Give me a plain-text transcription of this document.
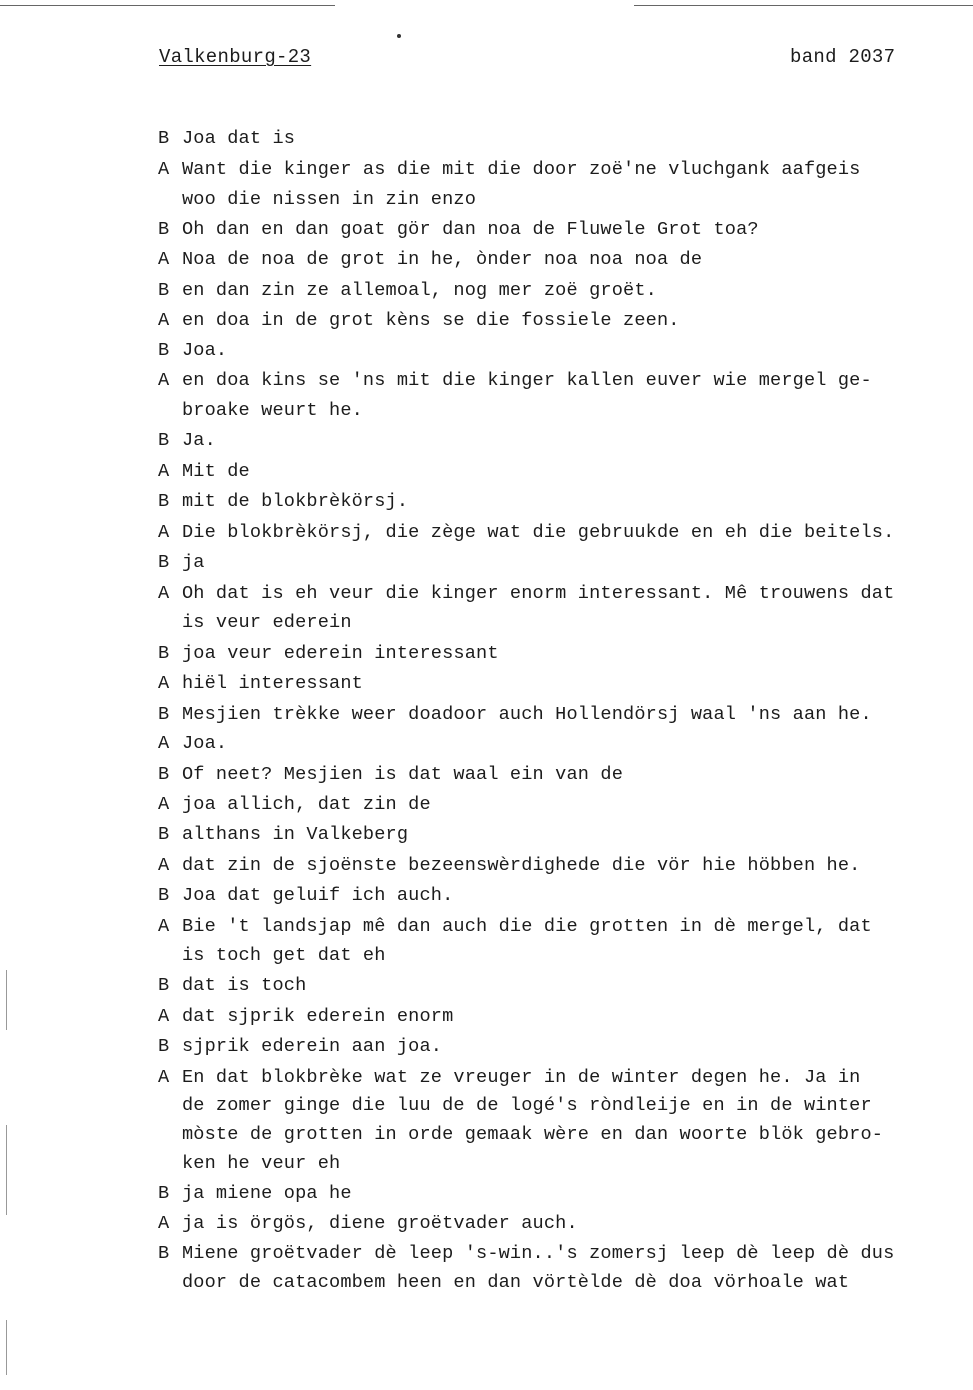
Valkenburg-23	band 2037
B Joa dat is
A Want die kinger as die mit die door zoë'ne vluchgank aafgeis
woo die nissen in zin enzo
B Oh dan en dan goat gör dan noa de Fluwele Grot toa?
A Noa de noa de grot in he, ònder noa noa noa de
B en dan zin ze allemoal, nog mer zoë groët.
A en doa in de grot kèns se die fossiele zeen.
B Joa.
A en doa kins se 'ns mit die kinger kallen euver wie mergel ge-
broake weurt he.
B Ja.
A Mit de
B mit de blokbrèkörsj.
A Die blokbrèkörsj, die zège wat die gebruukde en eh die beitels.
B ja
A Oh dat is eh veur die kinger enorm interessant. Mê trouwens dat
is veur ederein
B joa veur ederein interessant
A hiël interessant
B Mesjien trèkke weer doadoor auch Hollendörsj waal 'ns aan he.
A Joa.
B Of neet? Mesjien is dat waal ein van de
A joa allich, dat zin de
B althans in Valkeberg
A dat zin de sjoënste bezeenswèrdighede die vör hie höbben he.
B Joa dat geluif ich auch.
A Bie 't landsjap mê dan auch die die grotten in dè mergel, dat
is toch get dat eh
B dat is toch
A dat sjprik ederein enorm
B sjprik ederein aan joa.
A En dat blokbrèke wat ze vreuger in de winter degen he. Ja in
de zomer ginge die luu de de logé's ròndleije en in de winter
mòste de grotten in orde gemaak wère en dan woorte blök gebro-
ken he veur eh
B ja miene opa he
A ja is örgös, diene groëtvader auch.
B Miene groëtvader dè leep 's-win..'s zomersj leep dè leep dè dus
door de catacombem heen en dan vörtèlde dè doa vörhoale wat
